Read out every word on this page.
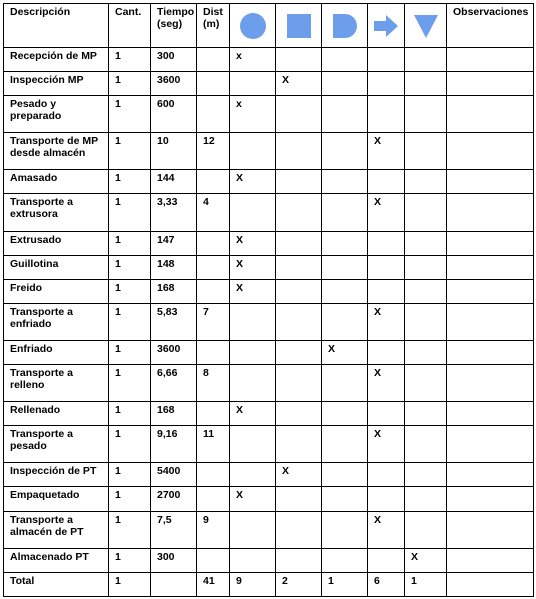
Descripción	Cant.	Tiempo (seg)	Dist (m)						Observaciones
Recepción de MP	1	300		x					
Inspección MP	1	3600			X				
Pesado y preparado	1	600		x					
Transporte de MP desde almacén	1	10	12				X		
Amasado	1	144		X					
Transporte a extrusora	1	3,33	4				X		
Extrusado	1	147		X					
Guillotina	1	148		X					
Freido	1	168		X					
Transporte a enfriado	1	5,83	7				X		
Enfriado	1	3600				X			
Transporte a relleno	1	6,66	8				X		
Rellenado	1	168		X					
Transporte a pesado	1	9,16	11				X		
Inspección de PT	1	5400			X				
Empaquetado	1	2700		X					
Transporte a almacén de PT	1	7,5	9				X		
Almacenado PT	1	300						X	
Total	1		41	9	2	1	6	1	
